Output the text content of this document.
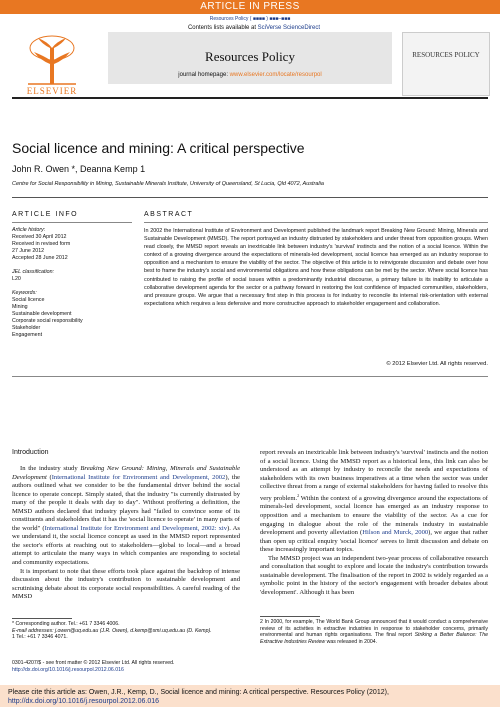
ARTICLE IN PRESS
Resources Policy ( ■■■■ ) ■■■–■■■
Contents lists available at SciVerse ScienceDirect
ELSEVIER
Resources Policy
journal homepage: www.elsevier.com/locate/resourpol
RESOURCES POLICY
Social licence and mining: A critical perspective
John R. Owen *, Deanna Kemp 1
Centre for Social Responsibility in Mining, Sustainable Minerals Institute, University of Queensland, St Lucia, Qld 4072, Australia
ARTICLE INFO	ABSTRACT
Article history:
Received 30 April 2012
Received in revised form
27 June 2012
Accepted 28 June 2012
JEL classification:
L20
Keywords:
Social licence
Mining
Sustainable development
Corporate social responsibility
Stakeholder
Engagement
In 2002 the International Institute of Environment and Development published the landmark report Breaking New Ground: Mining, Minerals and Sustainable Development (MMSD). The report portrayed an industry distrusted by stakeholders and under threat from opposition groups. When read closely, the MMSD report reveals an inextricable link between industry's 'survival' instincts and the notion of a social licence. Within the context of a growing divergence around the expectations of minerals-led development, social licence has emerged as an industry response to opposition and a mechanism to ensure the viability of the sector. The objective of this article is to reinvigorate discussion and debate over how best to frame the industry's social and environmental obligations and how these obligations can be met by the sector. Where social licence has contributed to raising the profile of social issues within a predominantly industrial discourse, a primary failure is its inability to articulate a collaborative development agenda for the sector or a pathway forward in restoring the lost confidence of impacted communities, stakeholders, and pressure groups. We argue that a necessary first step in this process is for industry to reconcile its internal risk-orientation with external expectations which requires a less defensive and more constructive approach to stakeholder engagement and collaboration.
© 2012 Elsevier Ltd. All rights reserved.
Introduction

In the industry study Breaking New Ground: Mining, Minerals and Sustainable Development (International Institute for Environment and Development, 2002), the authors outlined what we consider to be the fundamental driver behind the social licence to operate concept. Simply stated, that the industry "is currently distrusted by many of the people it deals with day to day". Without proffering a definition, the MMSD authors declared that industry players had "failed to convince some of its constituents and stakeholders that it has the 'social licence to operate' in many parts of the world" (International Institute for Environment and Development, 2002: xiv). As we understand it, the social licence concept as used in the MMSD report represented the sector's efforts at reaching out to stakeholders—global to local—and a broad attempt to articulate the many ways in which companies are responding to societal and community expectations.

It is important to note that these efforts took place against the backdrop of intense discussion about the industry's contribution to sustainable development and scrutinising debate about its corporate social responsibilities. A careful reading of the MMSD

report reveals an inextricable link between industry's 'survival' instincts and the notion of a social licence. Using the MMSD report as a historical lens, this link can also be understood as an attempt by industry to reconcile the needs and expectations of stakeholders with its own business imperatives at a time when the sector was under collective threat from a range of external stakeholders for having failed to resolve this very problem.$^2$ Within the context of a growing divergence around the expectations of minerals-led development, social licence has emerged as an industry response to opposition and a mechanism to ensure the viability of the sector. As a cue for engaging in dialogue about the role of the minerals industry in sustainable development and poverty alleviation (Hilson and Murck, 2000), we argue that rather than open up critical enquiry 'social licence' serves to limit discussion and debate on these increasingly important topics.

The MMSD project was an independent two-year process of collaborative research and consultation that sought to explore and locate the industry's contribution towards sustainable development. The finalisation of the report in 2002 is widely regarded as a symbolic point in the history of the sector's engagement with broader debates about 'development'. Although it has been

* Corresponding author. Tel.: +61 7 3346 4006.
E-mail addresses: j.owen@uq.edu.au (J.R. Owen), d.kemp@smi.uq.edu.au (D. Kemp).
1 Tel.: +61 7 3346 4071.
2 In 2000, for example, The World Bank Group announced that it would conduct a comprehensive review of its activities in extractive industries in response to stakeholder concerns, primarily environmental and human rights organisations. The final report Striking a Better Balance: The Extractive Industries Review was released in 2004.
0301-4207/$ - see front matter © 2012 Elsevier Ltd. All rights reserved.
http://dx.doi.org/10.1016/j.resourpol.2012.06.016
Please cite this article as: Owen, J.R., Kemp, D., Social licence and mining: A critical perspective. Resources Policy (2012), http://dx.doi.org/10.1016/j.resourpol.2012.06.016
